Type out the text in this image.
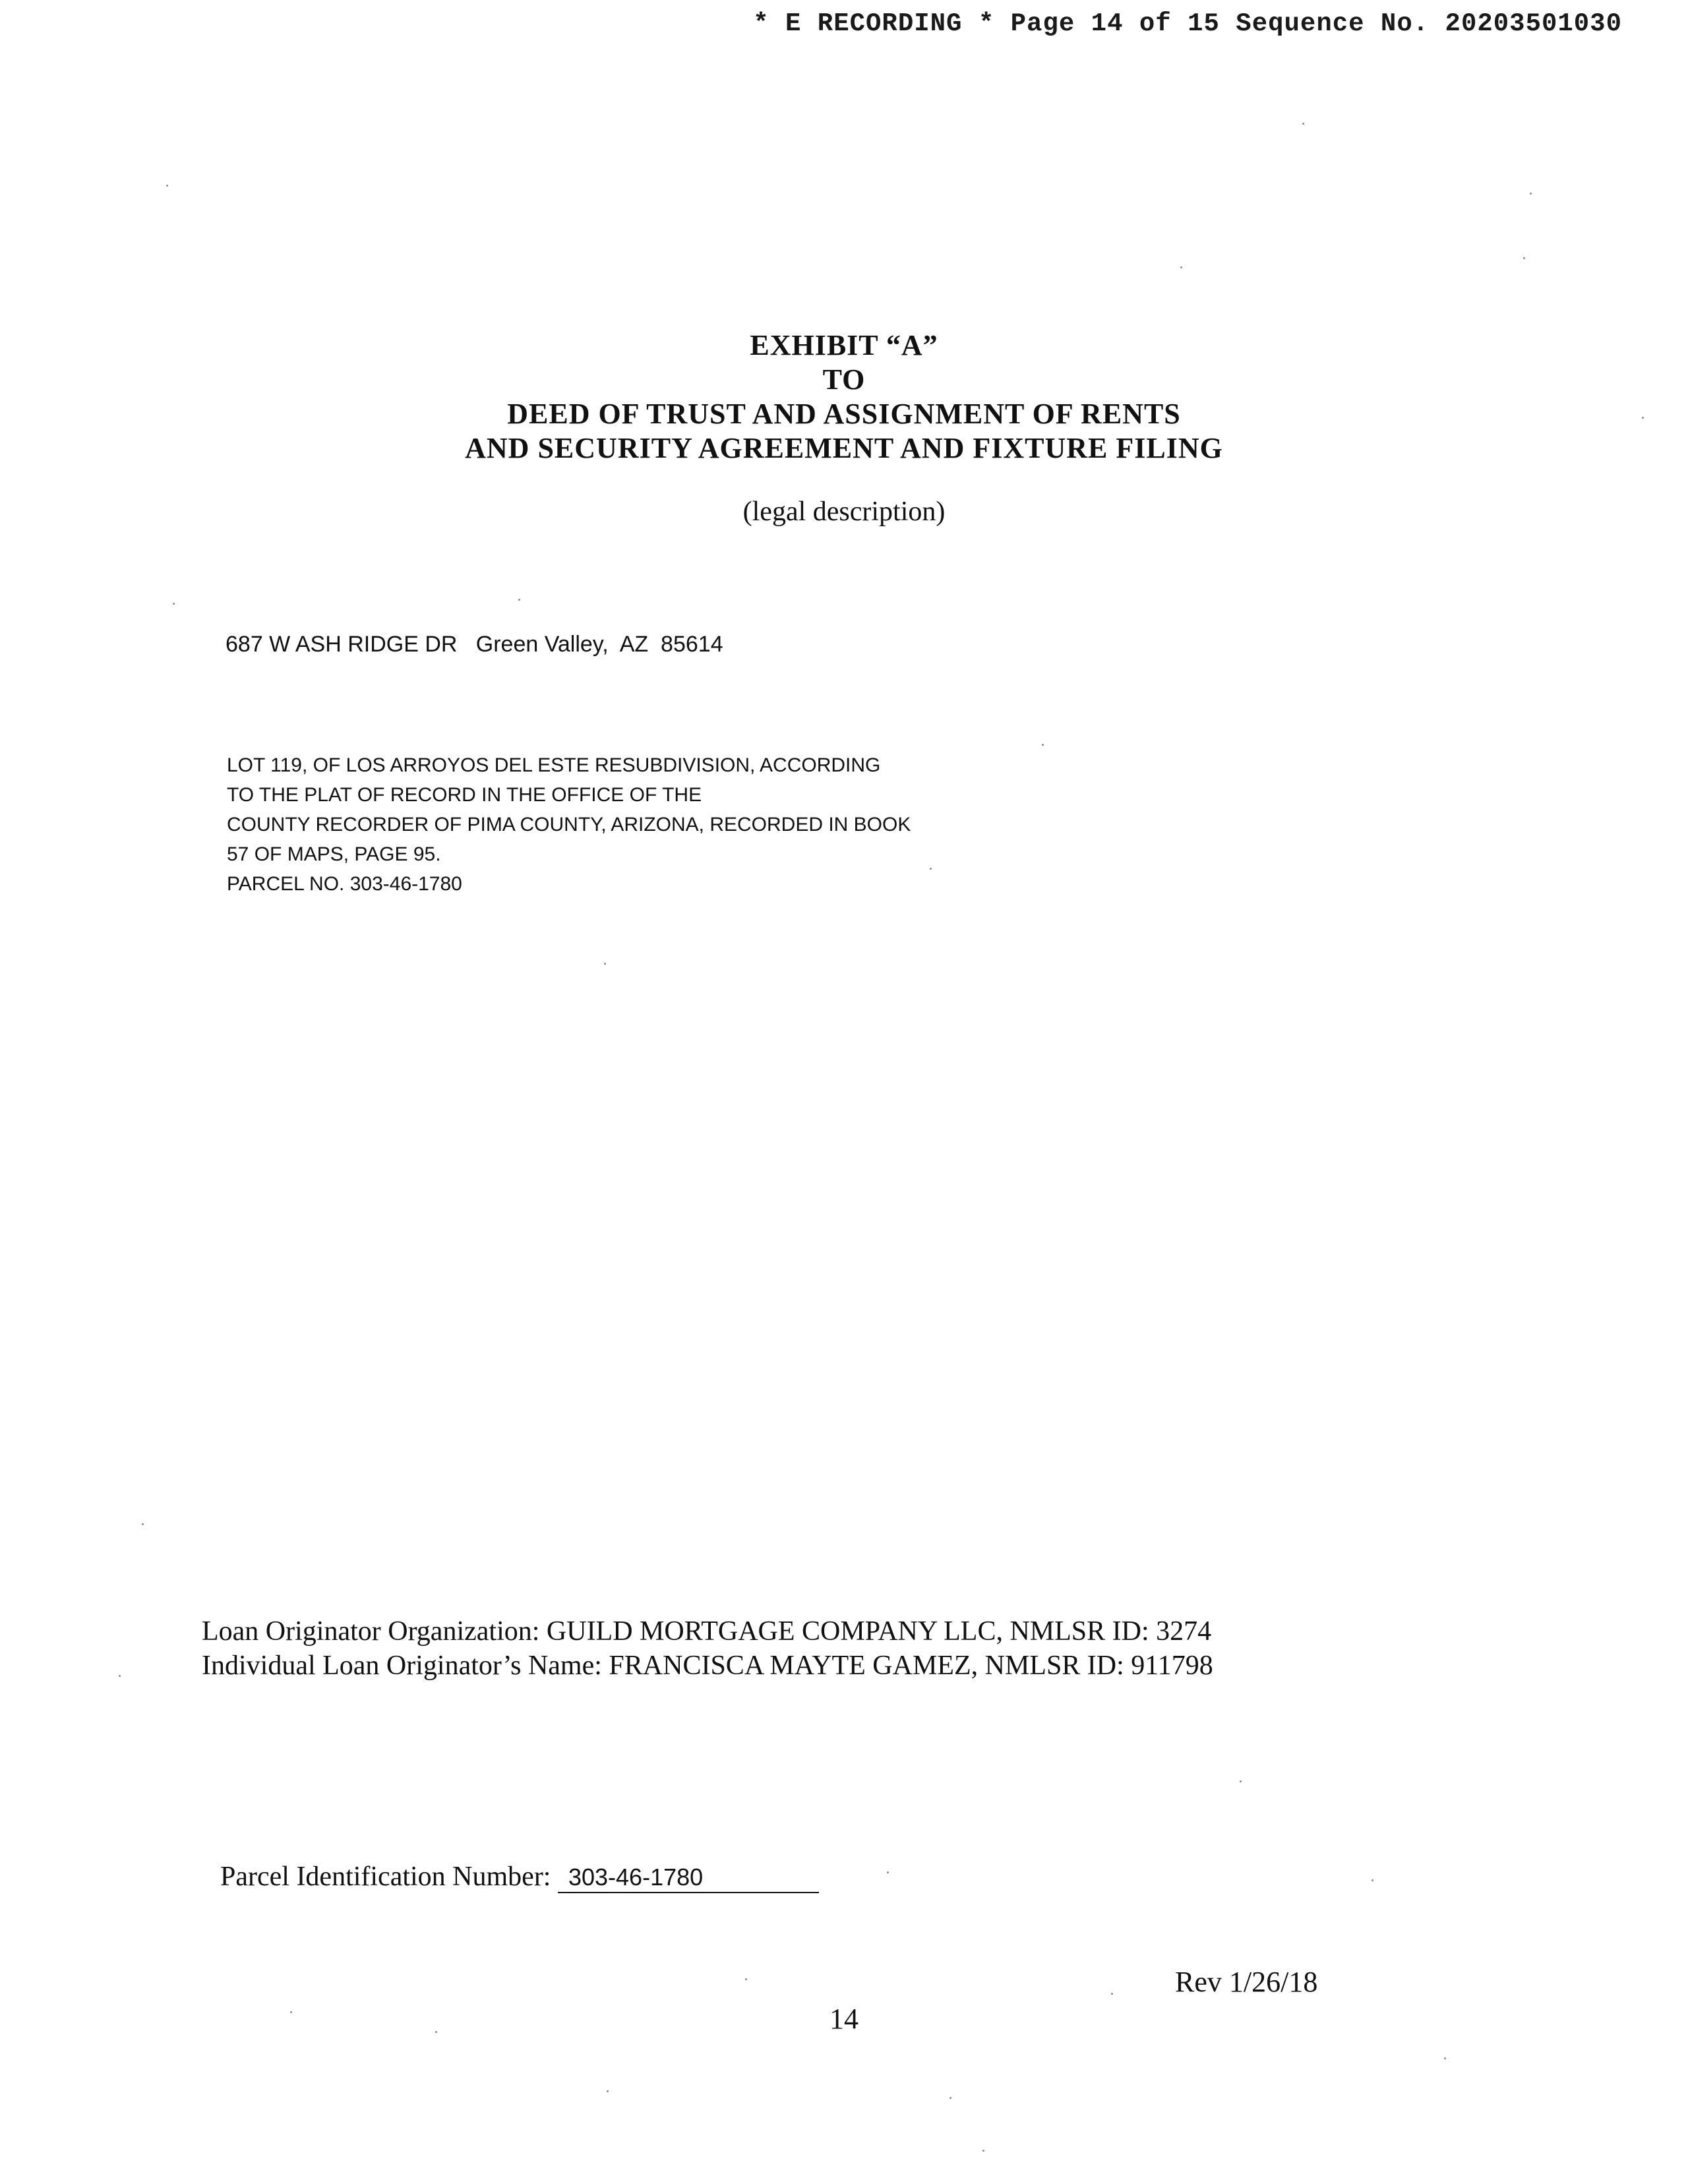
* E RECORDING * Page 14 of 15 Sequence No. 20203501030
EXHIBIT “A”
TO
DEED OF TRUST AND ASSIGNMENT OF RENTS
AND SECURITY AGREEMENT AND FIXTURE FILING
(legal description)
687 W ASH RIDGE DR   Green Valley,  AZ  85614
LOT 119, OF LOS ARROYOS DEL ESTE RESUBDIVISION, ACCORDING
TO THE PLAT OF RECORD IN THE OFFICE OF THE
COUNTY RECORDER OF PIMA COUNTY, ARIZONA, RECORDED IN BOOK
57 OF MAPS, PAGE 95.
PARCEL NO. 303-46-1780
Loan Originator Organization: GUILD MORTGAGE COMPANY LLC, NMLSR ID: 3274
Individual Loan Originator’s Name: FRANCISCA MAYTE GAMEZ, NMLSR ID: 911798
Parcel Identification Number: 303-46-1780
Rev 1/26/18
14
